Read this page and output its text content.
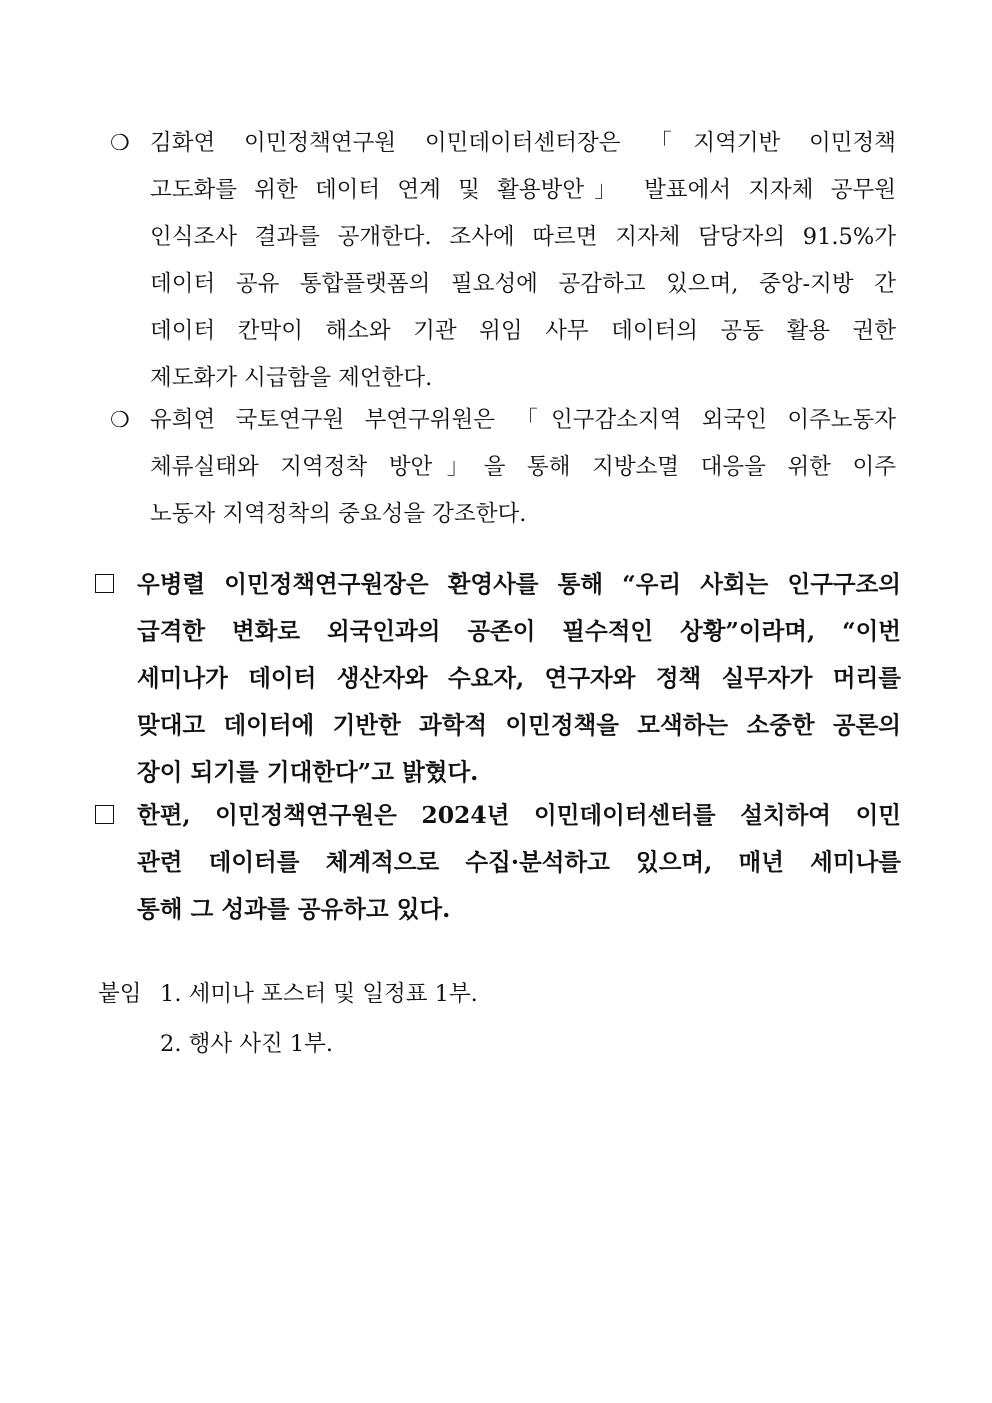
❍ 김화연 이민정책연구원 이민데이터센터장은 「지역기반 이민정책
고도화를 위한 데이터 연계 및 활용방안」 발표에서 지자체 공무원
인식조사 결과를 공개한다. 조사에 따르면 지자체 담당자의 91.5%가
데이터 공유 통합플랫폼의 필요성에 공감하고 있으며, 중앙-지방 간
데이터 칸막이 해소와 기관 위임 사무 데이터의 공동 활용 권한
제도화가 시급함을 제언한다.
❍ 유희연 국토연구원 부연구위원은 「인구감소지역 외국인 이주노동자
체류실태와 지역정착 방안」을 통해 지방소멸 대응을 위한 이주
노동자 지역정착의 중요성을 강조한다.
우병렬 이민정책연구원장은 환영사를 통해 “우리 사회는 인구구조의
급격한 변화로 외국인과의 공존이 필수적인 상황”이라며, “이번
세미나가 데이터 생산자와 수요자, 연구자와 정책 실무자가 머리를
맞대고 데이터에 기반한 과학적 이민정책을 모색하는 소중한 공론의
장이 되기를 기대한다”고 밝혔다.
한편, 이민정책연구원은 2024년 이민데이터센터를 설치하여 이민
관련 데이터를 체계적으로 수집·분석하고 있으며, 매년 세미나를
통해 그 성과를 공유하고 있다.
붙임 1. 세미나 포스터 및 일정표 1부.
2. 행사 사진 1부.
